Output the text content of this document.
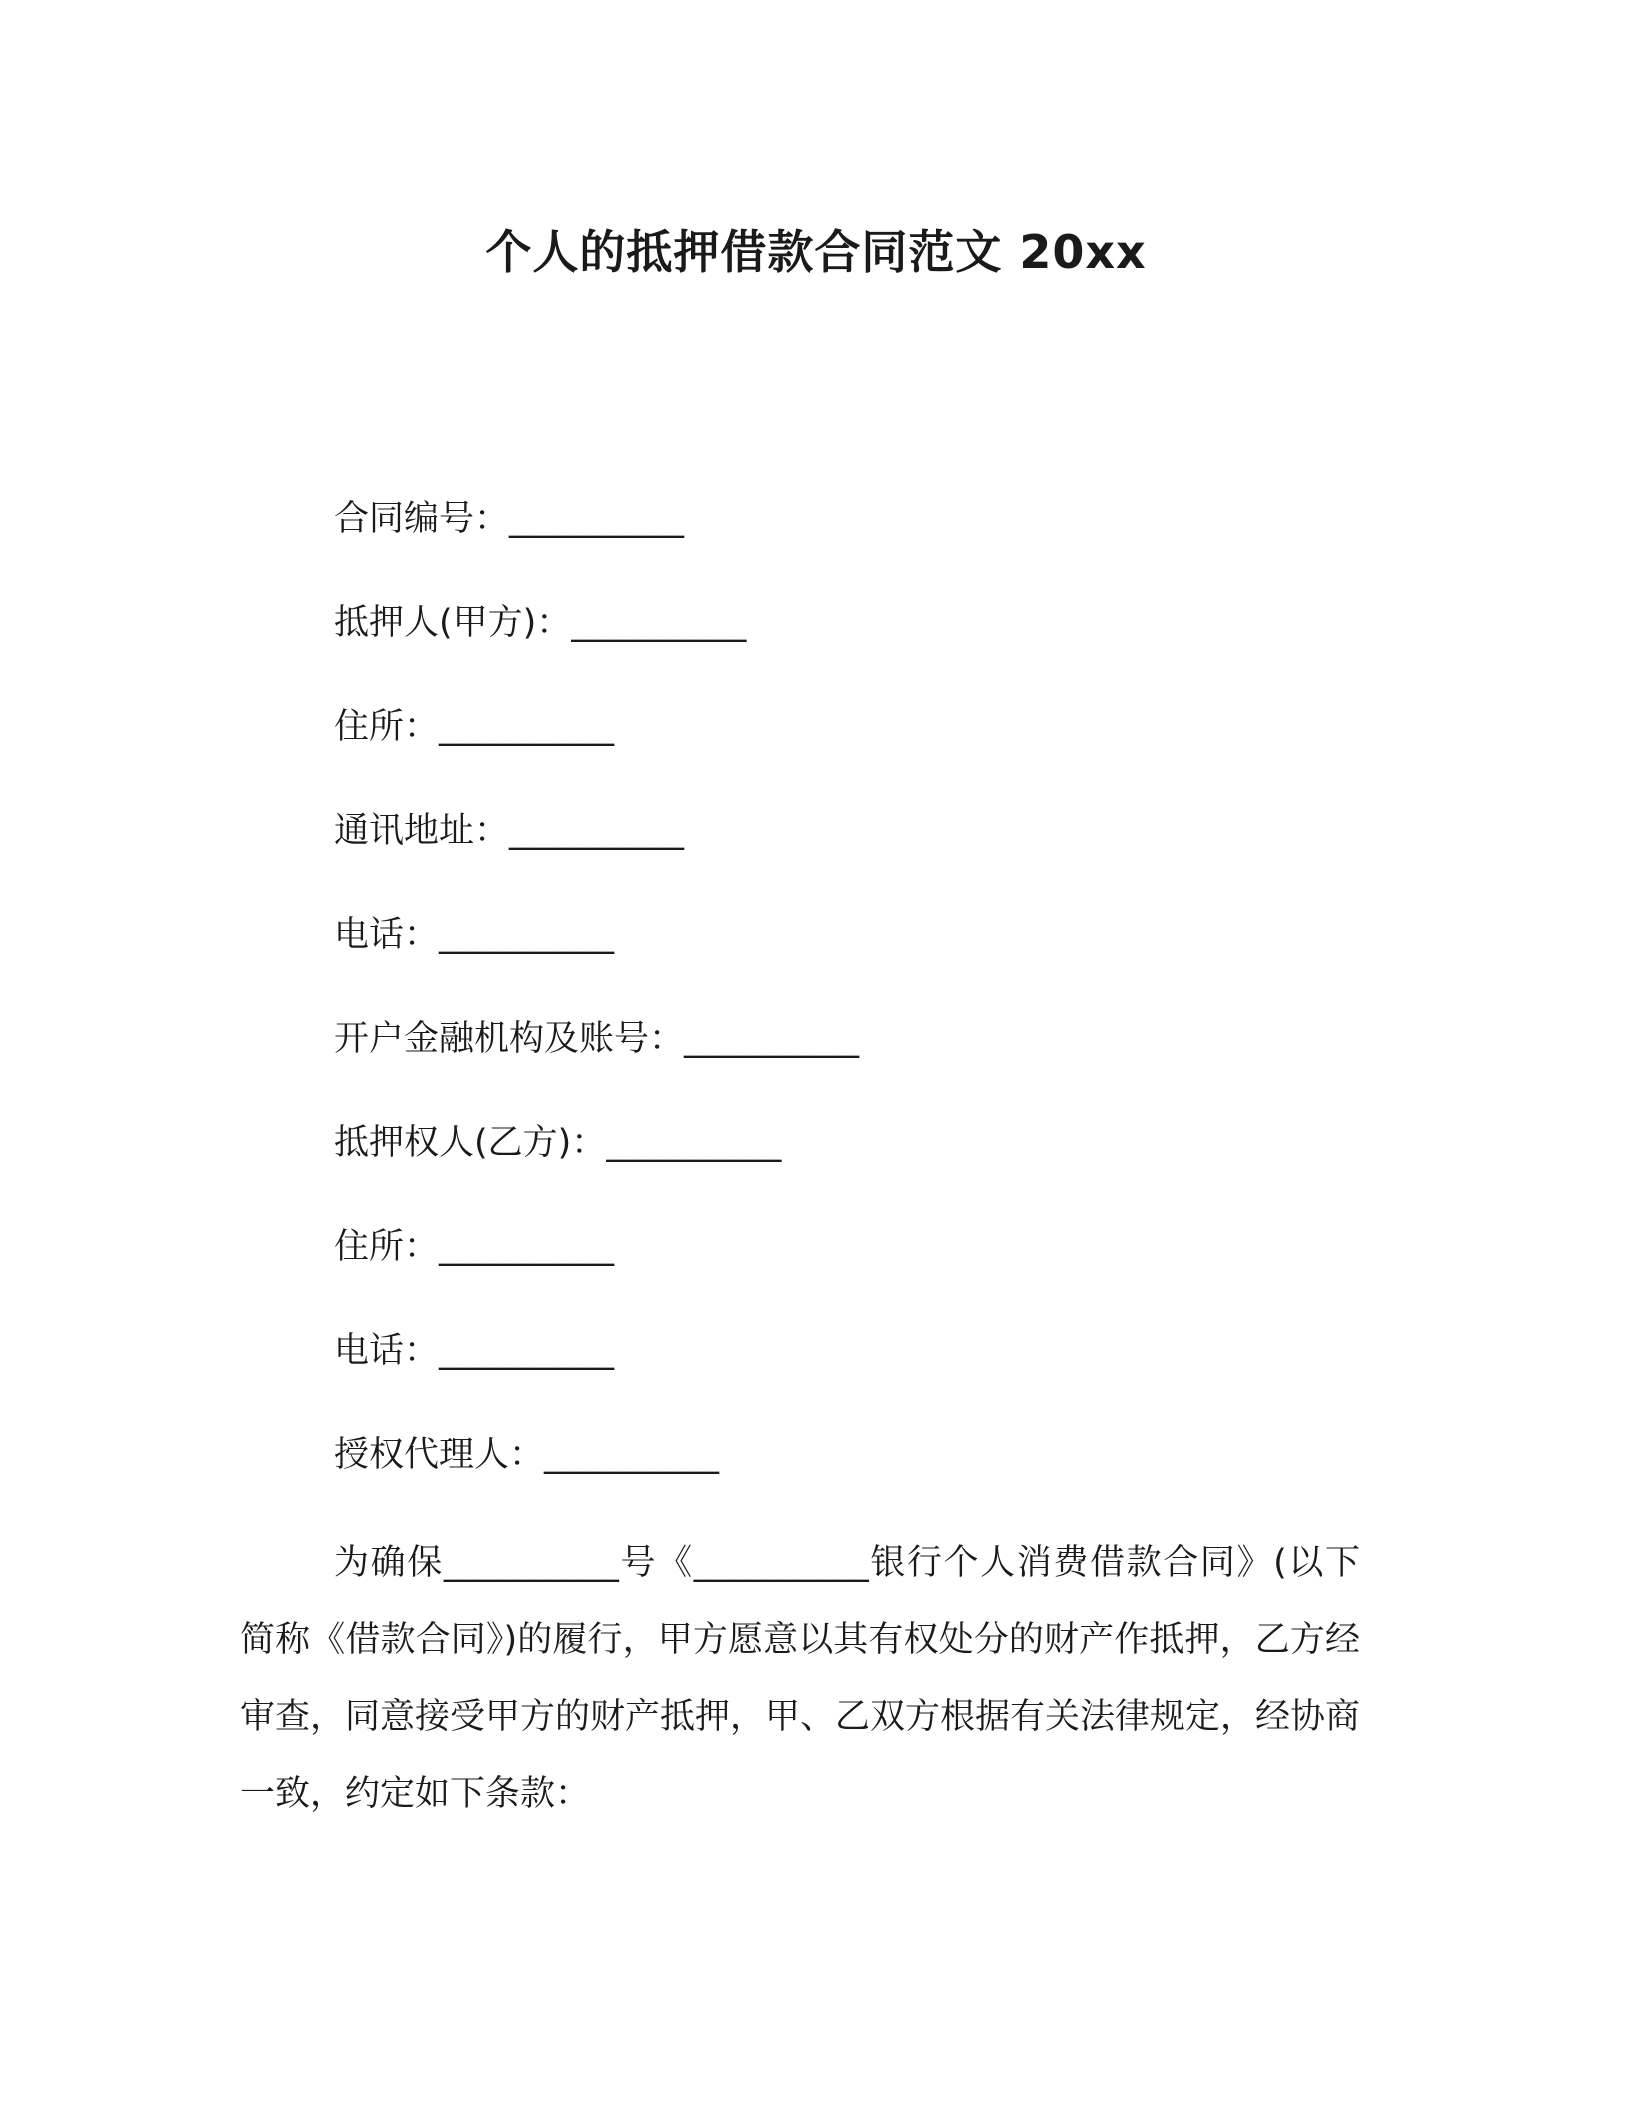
个人的抵押借款合同范文 20xx
合同编号：__________
抵押人(甲方)：__________
住所：__________
通讯地址：__________
电话：__________
开户金融机构及账号：__________
抵押权人(乙方)：__________
住所：__________
电话：__________
授权代理人：__________

为确保__________号《__________银行个人消费借款合同》(以下简称《借款合同》)的履行，甲方愿意以其有权处分的财产作抵押，乙方经审查，同意接受甲方的财产抵押，甲、乙双方根据有关法律规定，经协商一致，约定如下条款：
